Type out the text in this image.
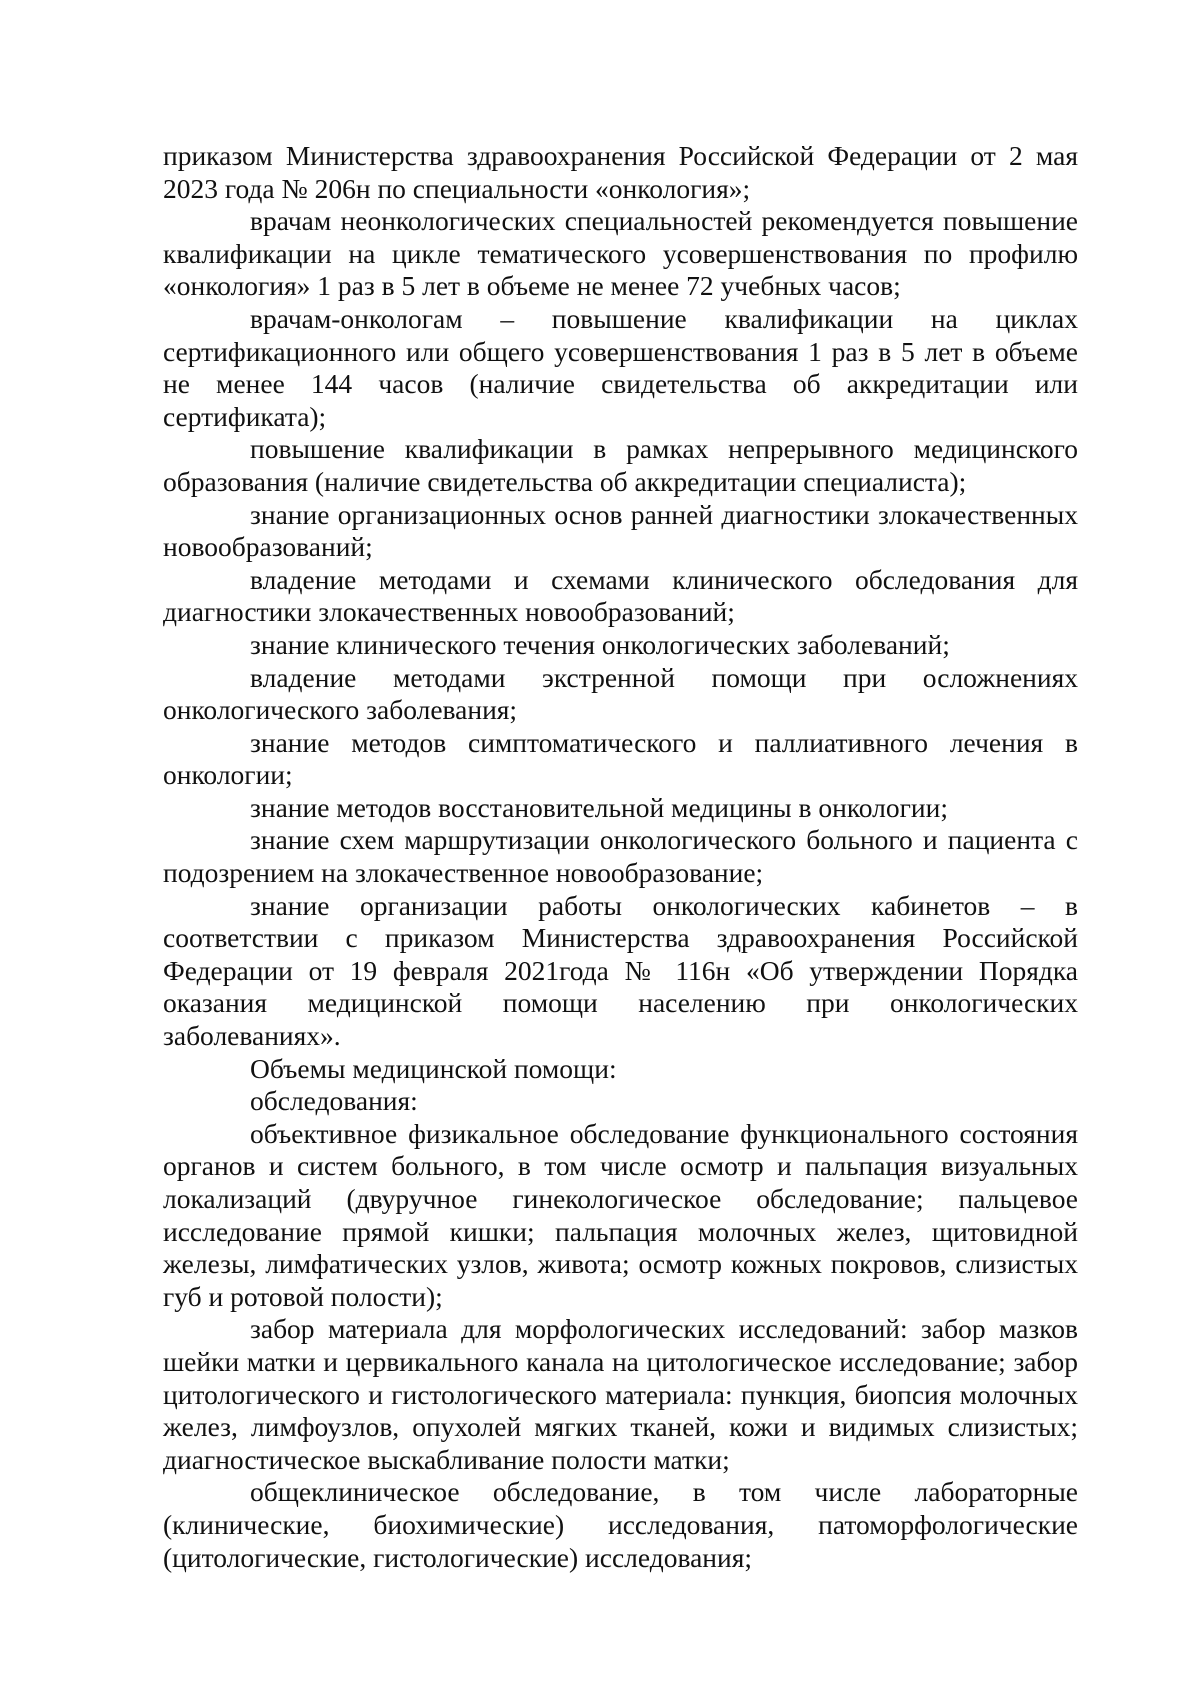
приказом Министерства здравоохранения Российской Федерации от 2 мая 2023 года № 206н по специальности «онкология»;

врачам неонкологических специальностей рекомендуется повышение квалификации на цикле тематического усовершенствования по профилю «онкология» 1 раз в 5 лет в объеме не менее 72 учебных часов;

врачам-онкологам – повышение квалификации на циклах сертификационного или общего усовершенствования 1 раз в 5 лет в объеме не менее 144 часов (наличие свидетельства об аккредитации или сертификата);

повышение квалификации в рамках непрерывного медицинского образования (наличие свидетельства об аккредитации специалиста);

знание организационных основ ранней диагностики злокачественных новообразований;

владение методами и схемами клинического обследования для диагностики злокачественных новообразований;

знание клинического течения онкологических заболеваний;

владение методами экстренной помощи при осложнениях онкологического заболевания;

знание методов симптоматического и паллиативного лечения в онкологии;

знание методов восстановительной медицины в онкологии;

знание схем маршрутизации онкологического больного и пациента с подозрением на злокачественное новообразование;

знание организации работы онкологических кабинетов – в соответствии с приказом Министерства здравоохранения Российской Федерации от 19 февраля 2021года № 116н «Об утверждении Порядка оказания медицинской помощи населению при онкологических заболеваниях».

Объемы медицинской помощи:

обследования:

объективное физикальное обследование функционального состояния органов и систем больного, в том числе осмотр и пальпация визуальных локализаций (двуручное гинекологическое обследование; пальцевое исследование прямой кишки; пальпация молочных желез, щитовидной железы, лимфатических узлов, живота; осмотр кожных покровов, слизистых губ и ротовой полости);

забор материала для морфологических исследований: забор мазков шейки матки и цервикального канала на цитологическое исследование; забор цитологического и гистологического материала: пункция, биопсия молочных желез, лимфоузлов, опухолей мягких тканей, кожи и видимых слизистых; диагностическое выскабливание полости матки;

общеклиническое обследование, в том числе лабораторные (клинические, биохимические) исследования, патоморфологические (цитологические, гистологические) исследования;
